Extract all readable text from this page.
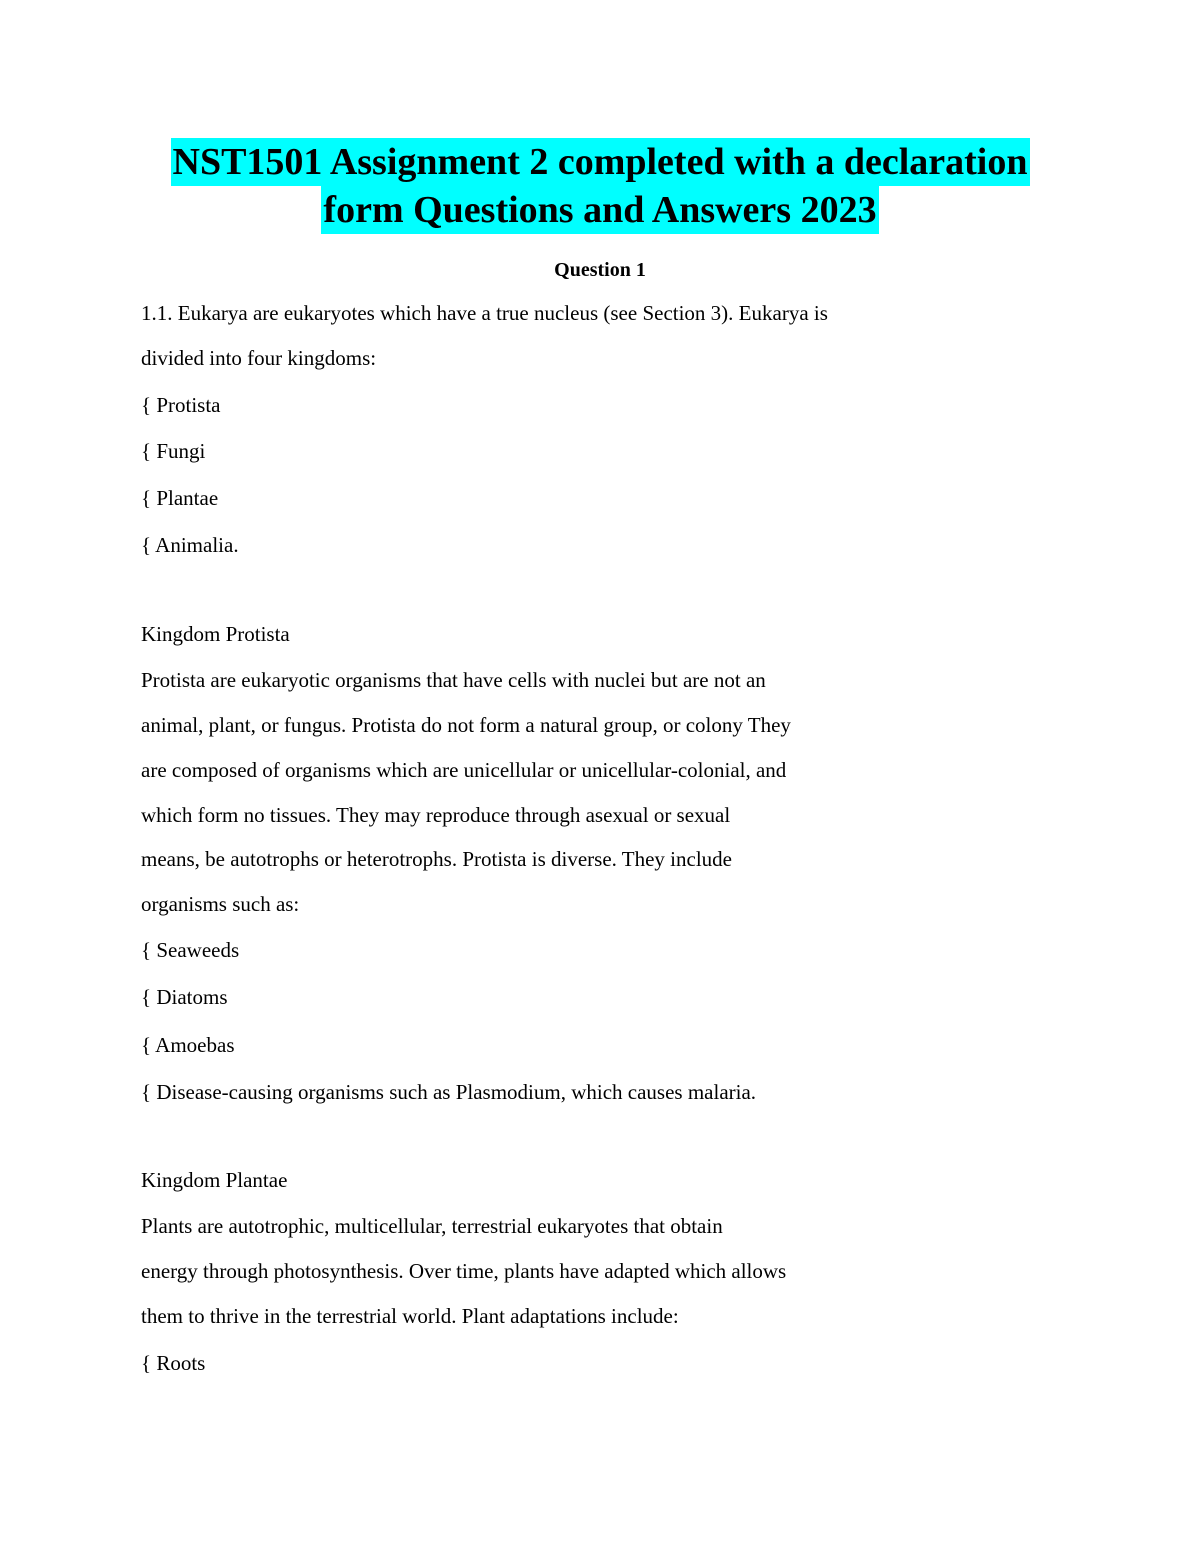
NST1501 Assignment 2 completed with a declaration
form Questions and Answers 2023
Question 1
1.1. Eukarya are eukaryotes which have a true nucleus (see Section 3). Eukarya is
divided into four kingdoms:
{ Protista
{ Fungi
{ Plantae
{ Animalia.
Kingdom Protista
Protista are eukaryotic organisms that have cells with nuclei but are not an
animal, plant, or fungus. Protista do not form a natural group, or colony They
are composed of organisms which are unicellular or unicellular-colonial, and
which form no tissues. They may reproduce through asexual or sexual
means, be autotrophs or heterotrophs. Protista is diverse. They include
organisms such as:
{ Seaweeds
{ Diatoms
{ Amoebas
{ Disease-causing organisms such as Plasmodium, which causes malaria.
Kingdom Plantae
Plants are autotrophic, multicellular, terrestrial eukaryotes that obtain
energy through photosynthesis. Over time, plants have adapted which allows
them to thrive in the terrestrial world. Plant adaptations include:
{ Roots
